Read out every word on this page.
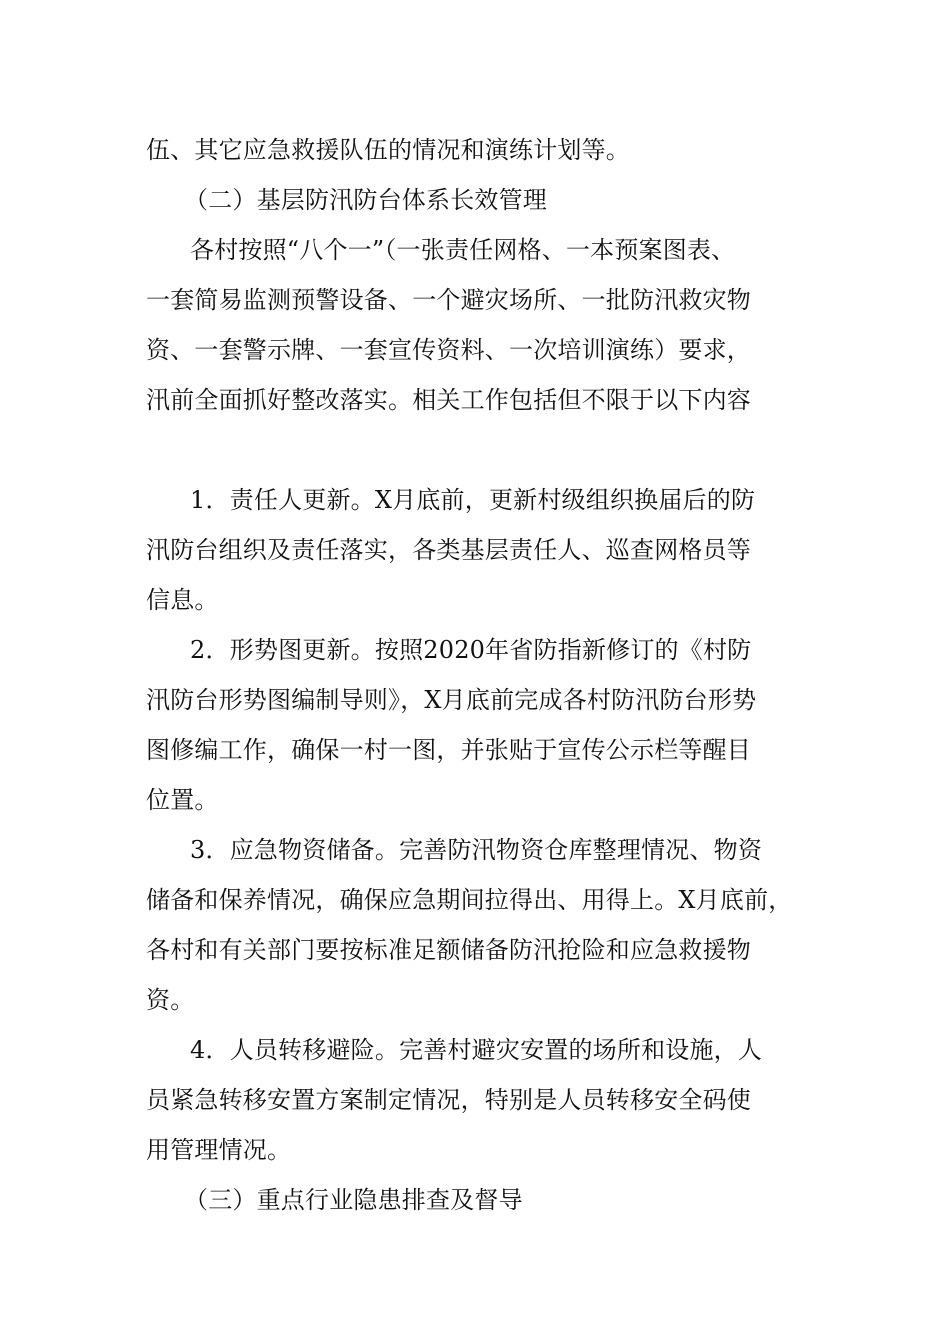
伍、其它应急救援队伍的情况和演练计划等。
（二）基层防汛防台体系长效管理
各村按照“八个一”（一张责任网格、一本预案图表、
一套简易监测预警设备、一个避灾场所、一批防汛救灾物
资、一套警示牌、一套宣传资料、一次培训演练）要求，
汛前全面抓好整改落实。相关工作包括但不限于以下内容
1．责任人更新。X月底前，更新村级组织换届后的防
汛防台组织及责任落实，各类基层责任人、巡查网格员等
信息。
2．形势图更新。按照2020年省防指新修订的《村防
汛防台形势图编制导则》，X月底前完成各村防汛防台形势
图修编工作，确保一村一图，并张贴于宣传公示栏等醒目
位置。
3．应急物资储备。完善防汛物资仓库整理情况、物资
储备和保养情况，确保应急期间拉得出、用得上。X月底前，
各村和有关部门要按标准足额储备防汛抢险和应急救援物
资。
4．人员转移避险。完善村避灾安置的场所和设施，人
员紧急转移安置方案制定情况，特别是人员转移安全码使
用管理情况。
（三）重点行业隐患排查及督导
